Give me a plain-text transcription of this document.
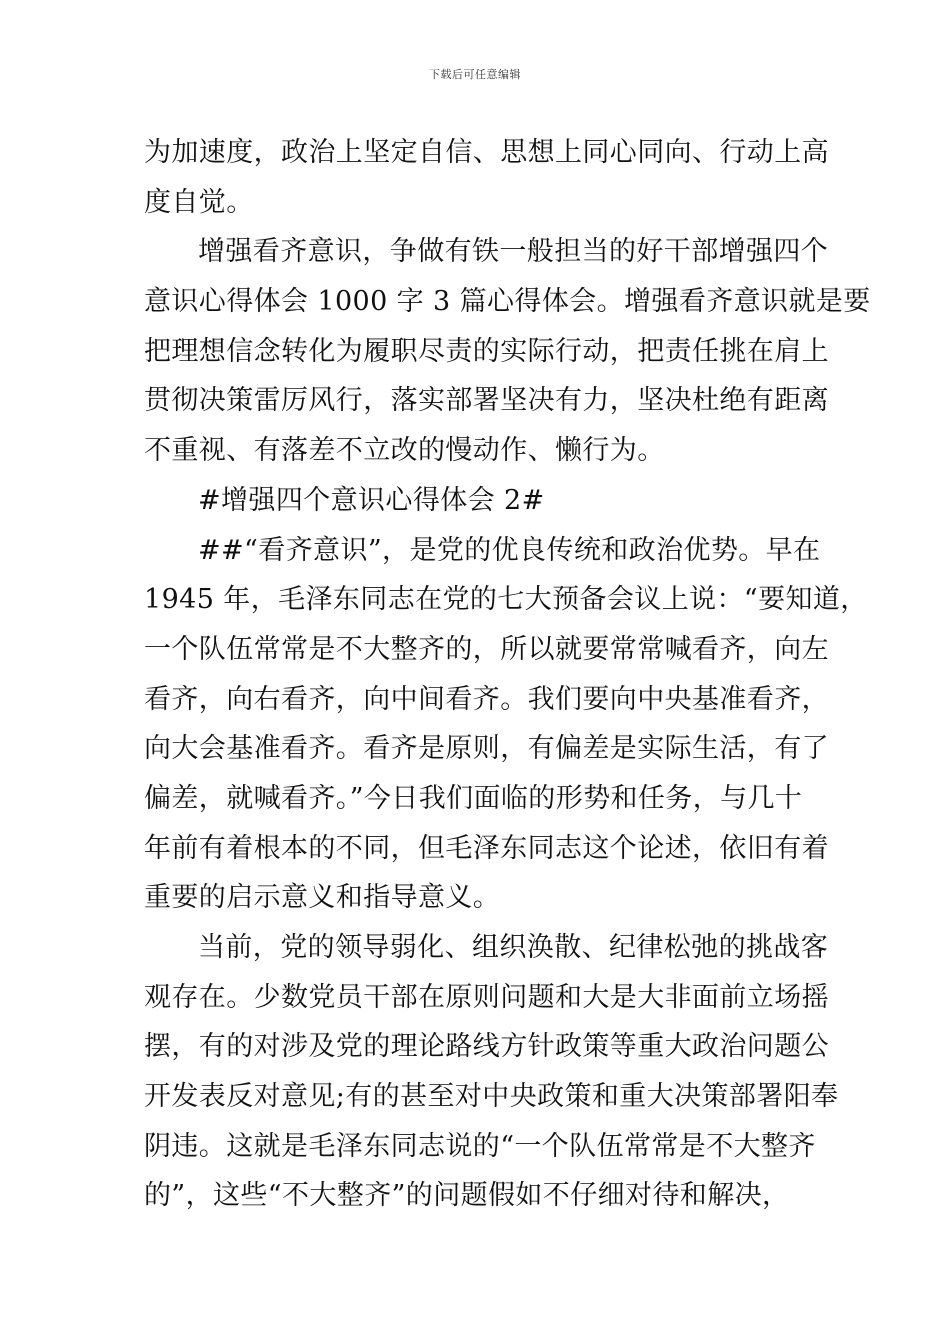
下载后可任意编辑
为加速度，政治上坚定自信、思想上同心同向、行动上高
度自觉。
增强看齐意识，争做有铁一般担当的好干部增强四个
意识心得体会 1000 字 3 篇心得体会。增强看齐意识就是要
把理想信念转化为履职尽责的实际行动，把责任挑在肩上
贯彻决策雷厉风行，落实部署坚决有力，坚决杜绝有距离
不重视、有落差不立改的慢动作、懒行为。
#增强四个意识心得体会 2#
##“看齐意识”，是党的优良传统和政治优势。早在
1945 年，毛泽东同志在党的七大预备会议上说：“要知道，
一个队伍常常是不大整齐的，所以就要常常喊看齐，向左
看齐，向右看齐，向中间看齐。我们要向中央基准看齐，
向大会基准看齐。看齐是原则，有偏差是实际生活，有了
偏差，就喊看齐。”今日我们面临的形势和任务，与几十
年前有着根本的不同，但毛泽东同志这个论述，依旧有着
重要的启示意义和指导意义。
当前，党的领导弱化、组织涣散、纪律松弛的挑战客
观存在。少数党员干部在原则问题和大是大非面前立场摇
摆，有的对涉及党的理论路线方针政策等重大政治问题公
开发表反对意见;有的甚至对中央政策和重大决策部署阳奉
阴违。这就是毛泽东同志说的“一个队伍常常是不大整齐
的”，这些“不大整齐”的问题假如不仔细对待和解决，
